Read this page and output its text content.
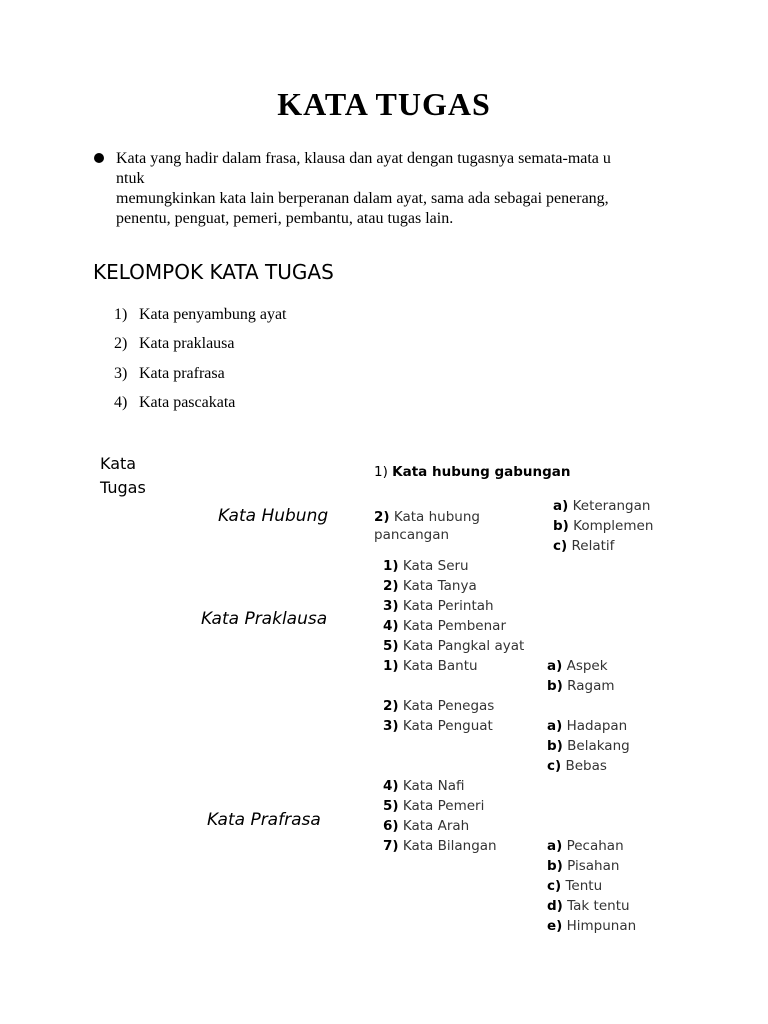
KATA TUGAS
Kata yang hadir dalam frasa, klausa dan ayat dengan tugasnya semata-mata u
ntuk
memungkinkan kata lain berperanan dalam ayat, sama ada sebagai penerang,
penentu, penguat, pemeri, pembantu, atau tugas lain.
KELOMPOK KATA TUGAS
1) Kata penyambung ayat
2) Kata praklausa
3) Kata prafrasa
4) Kata pascakata
Kata
Tugas
Kata Hubung
1) Kata hubung gabungan
2) Kata hubung
pancangan
a) Keterangan
b) Komplemen
c) Relatif
Kata Praklausa
1) Kata Seru
2) Kata Tanya
3) Kata Perintah
4) Kata Pembenar
5) Kata Pangkal ayat
Kata Prafrasa
1) Kata Bantu
2) Kata Penegas
3) Kata Penguat
4) Kata Nafi
5) Kata Pemeri
6) Kata Arah
7) Kata Bilangan
a) Aspek
b) Ragam
a) Hadapan
b) Belakang
c) Bebas
a) Pecahan
b) Pisahan
c) Tentu
d) Tak tentu
e) Himpunan
